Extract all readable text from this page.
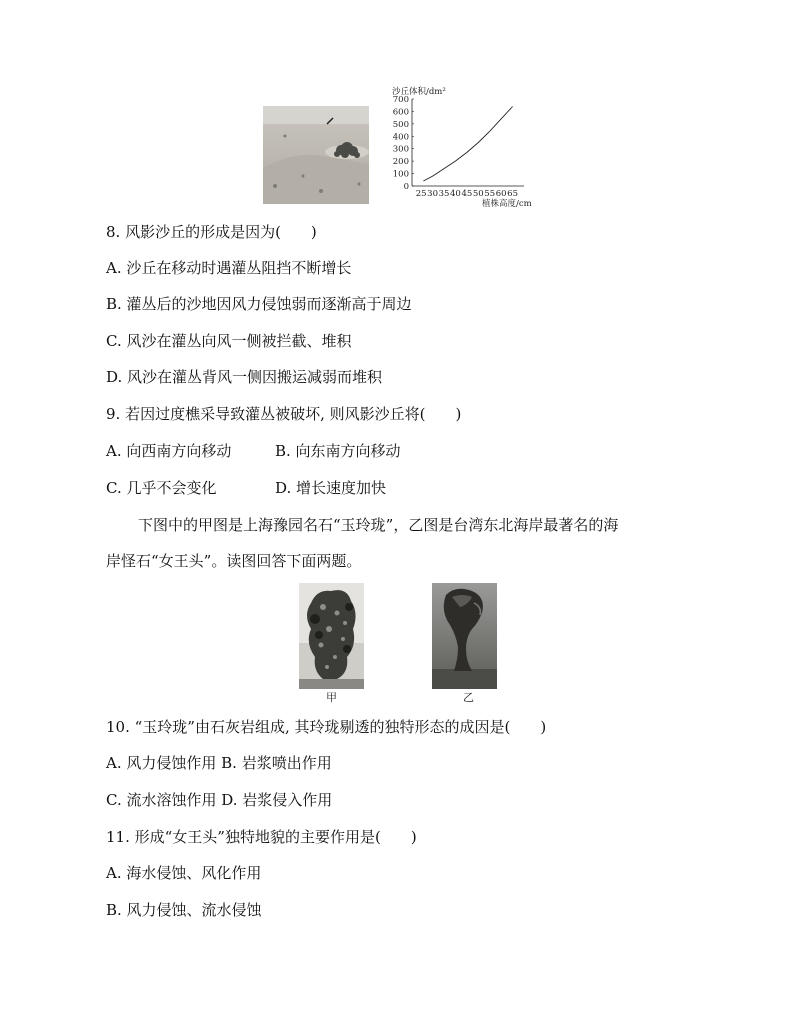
沙丘体积/dm²
植株高度/cm
0
100
200
300
400
500
600
700
25 30 35 40 45 50 55 60 65
8. 风影沙丘的形成是因为(　　)
A. 沙丘在移动时遇灌丛阻挡不断增长
B. 灌丛后的沙地因风力侵蚀弱而逐渐高于周边
C. 风沙在灌丛向风一侧被拦截、堆积
D. 风沙在灌丛背风一侧因搬运减弱而堆积
9. 若因过度樵采导致灌丛被破坏, 则风影沙丘将(　　)
A. 向西南方向移动	B. 向东南方向移动
C. 几乎不会变化	D. 增长速度加快
下图中的甲图是上海豫园名石“玉玲珑”，乙图是台湾东北海岸最著名的海
岸怪石“女王头”。读图回答下面两题。
甲	乙
10. “玉玲珑”由石灰岩组成, 其玲珑剔透的独特形态的成因是(　　)
A. 风力侵蚀作用 B. 岩浆喷出作用
C. 流水溶蚀作用 D. 岩浆侵入作用
11. 形成“女王头”独特地貌的主要作用是(　　)
A. 海水侵蚀、风化作用
B. 风力侵蚀、流水侵蚀
